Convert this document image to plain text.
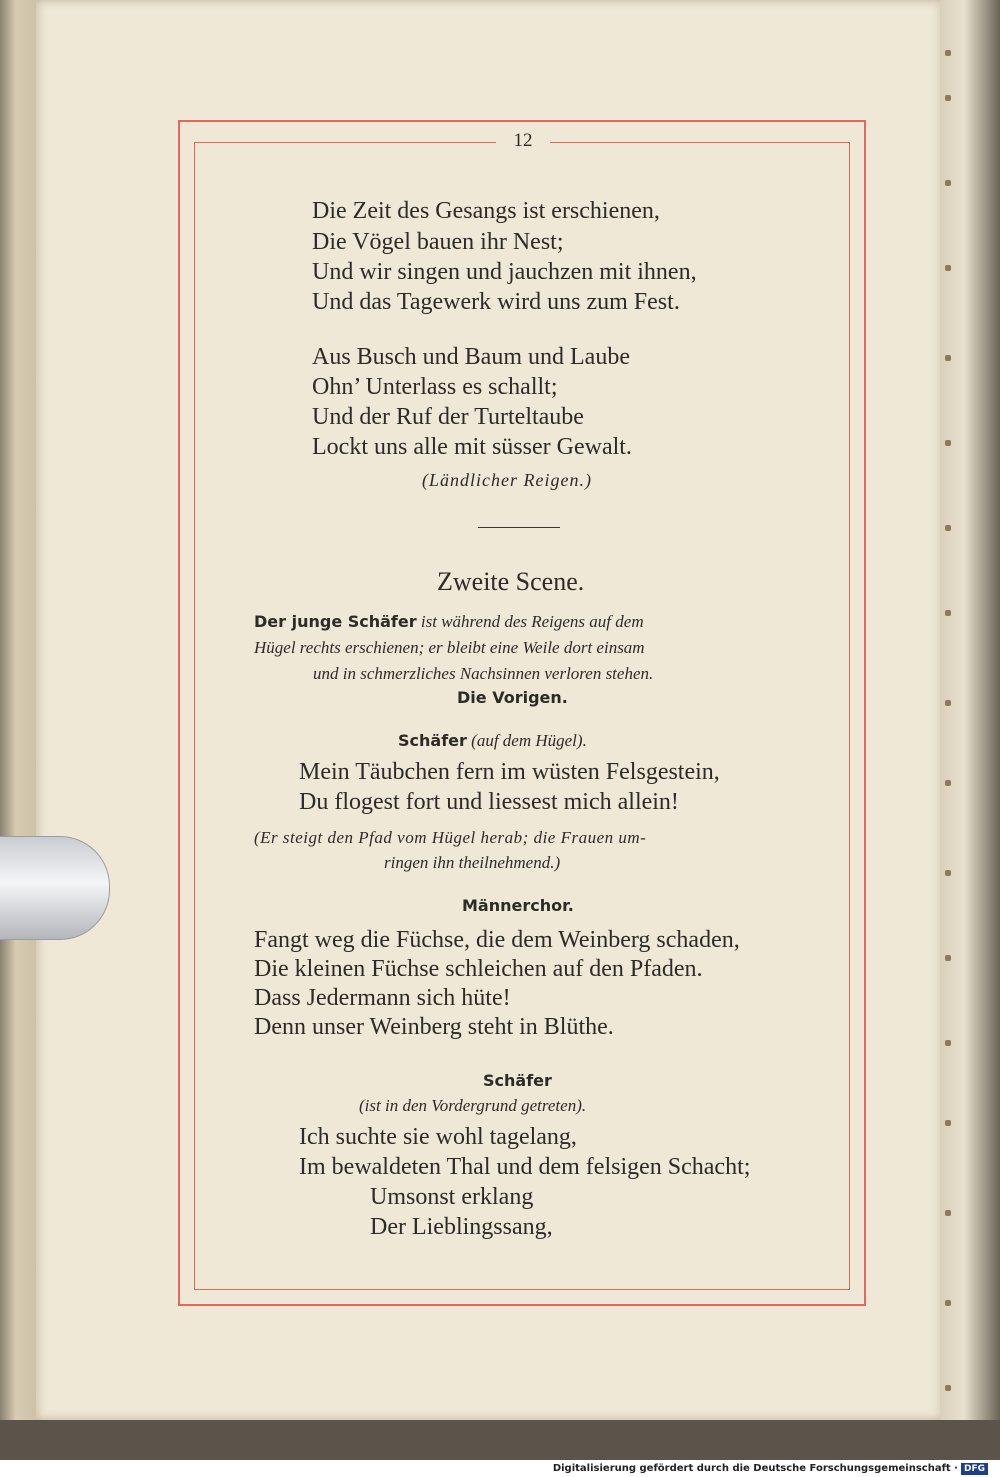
12
Die Zeit des Gesangs ist erschienen,
Die Vögel bauen ihr Nest;
Und wir singen und jauchzen mit ihnen,
Und das Tagewerk wird uns zum Fest.
Aus Busch und Baum und Laube
Ohn’ Unterlass es schallt;
Und der Ruf der Turteltaube
Lockt uns alle mit süsser Gewalt.
(Ländlicher Reigen.)
Zweite Scene.
Der junge Schäfer ist während des Reigens auf dem
Hügel rechts erschienen; er bleibt eine Weile dort einsam
und in schmerzliches Nachsinnen verloren stehen.
Die Vorigen.
Schäfer (auf dem Hügel).
Mein Täubchen fern im wüsten Felsgestein,
Du flogest fort und liessest mich allein!
(Er steigt den Pfad vom Hügel herab; die Frauen um-
ringen ihn theilnehmend.)
Männerchor.
Fangt weg die Füchse, die dem Weinberg schaden,
Die kleinen Füchse schleichen auf den Pfaden.
Dass Jedermann sich hüte!
Denn unser Weinberg steht in Blüthe.
Schäfer
(ist in den Vordergrund getreten).
Ich suchte sie wohl tagelang,
Im bewaldeten Thal und dem felsigen Schacht;
Umsonst erklang
Der Lieblingssang,
Digitalisierung gefördert durch die Deutsche Forschungsgemeinschaft · DFG
